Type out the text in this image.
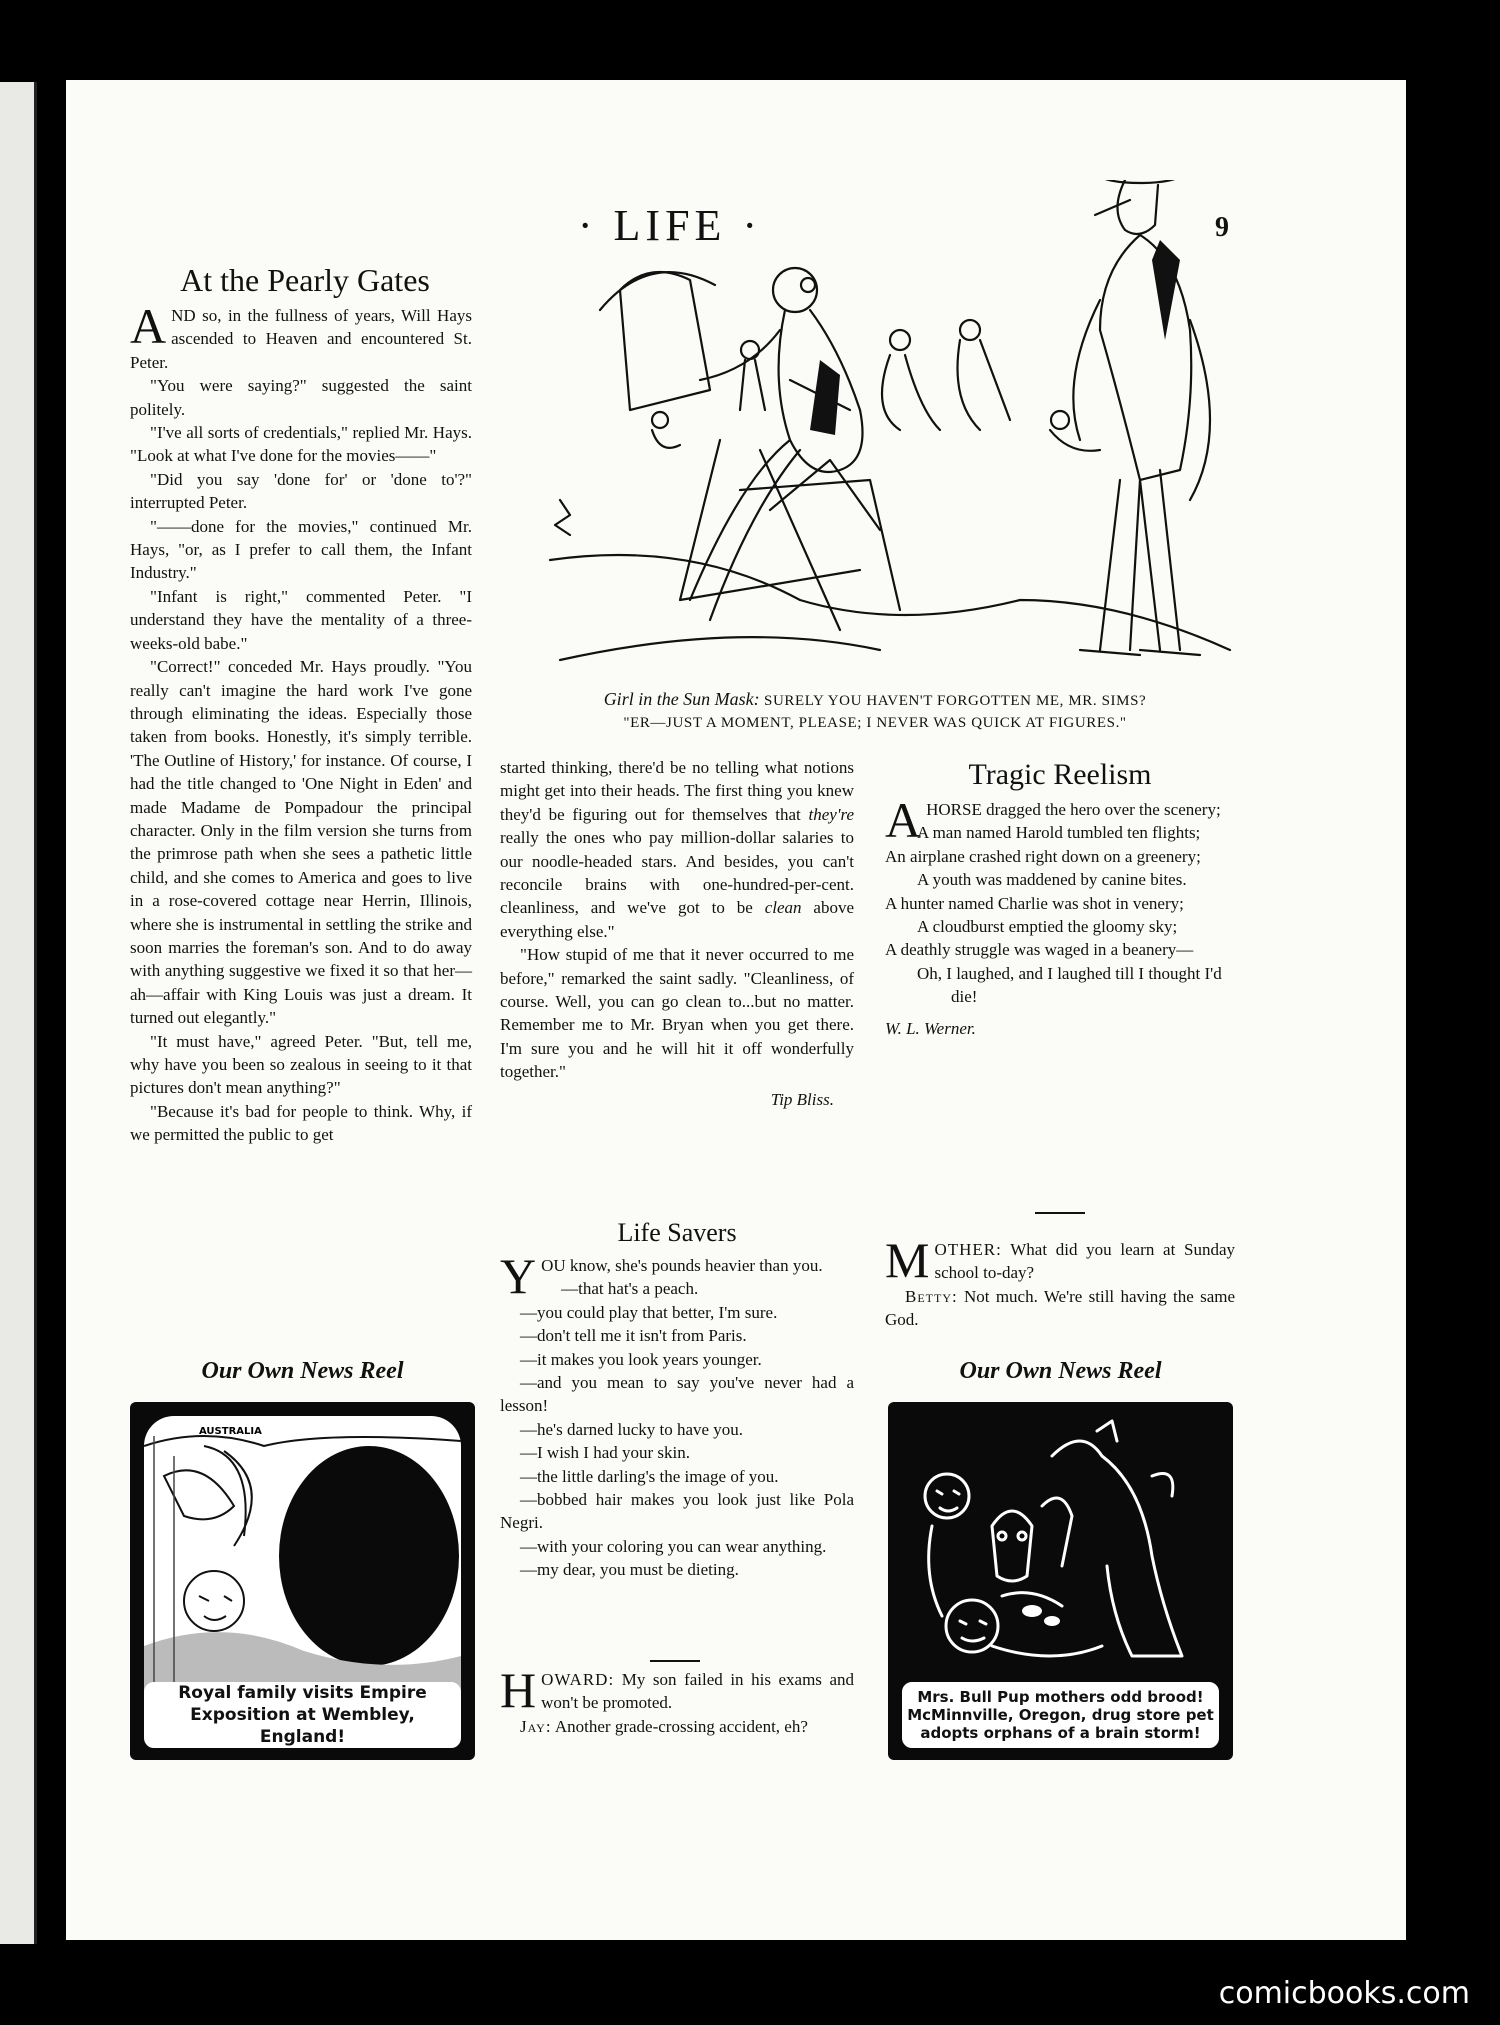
· LIFE ·	9
Girl in the Sun Mask: SURELY YOU HAVEN'T FORGOTTEN ME, MR. SIMS?
"ER—JUST A MOMENT, PLEASE; I NEVER WAS QUICK AT FIGURES."
At the Pearly Gates

AND so, in the fullness of years, Will Hays ascended to Heaven and encountered St. Peter.

"You were saying?" suggested the saint politely.

"I've all sorts of credentials," replied Mr. Hays. "Look at what I've done for the movies——"

"Did you say 'done for' or 'done to'?" interrupted Peter.

"——done for the movies," continued Mr. Hays, "or, as I prefer to call them, the Infant Industry."

"Infant is right," commented Peter. "I understand they have the mentality of a three-weeks-old babe."

"Correct!" conceded Mr. Hays proudly. "You really can't imagine the hard work I've gone through eliminating the ideas. Especially those taken from books. Honestly, it's simply terrible. 'The Outline of History,' for instance. Of course, I had the title changed to 'One Night in Eden' and made Madame de Pompadour the principal character. Only in the film version she turns from the primrose path when she sees a pathetic little child, and she comes to America and goes to live in a rose-covered cottage near Herrin, Illinois, where she is instrumental in settling the strike and soon marries the foreman's son. And to do away with anything suggestive we fixed it so that her—ah—affair with King Louis was just a dream. It turned out elegantly."

"It must have," agreed Peter. "But, tell me, why have you been so zealous in seeing to it that pictures don't mean anything?"

"Because it's bad for people to think. Why, if we permitted the public to get

started thinking, there'd be no telling what notions might get into their heads. The first thing you knew they'd be figuring out for themselves that they're really the ones who pay million-dollar salaries to our noodle-headed stars. And besides, you can't reconcile brains with one-hundred-per-cent. cleanliness, and we've got to be clean above everything else."

"How stupid of me that it never occurred to me before," remarked the saint sadly. "Cleanliness, of course. Well, you can go clean to...but no matter. Remember me to Mr. Bryan when you get there. I'm sure you and he will hit it off wonderfully together."

Tip Bliss.

Life Savers

YOU know, she's pounds heavier than you.

—that hat's a peach.

—you could play that better, I'm sure.

—don't tell me it isn't from Paris.

—it makes you look years younger.

—and you mean to say you've never had a lesson!

—he's darned lucky to have you.

—I wish I had your skin.

—the little darling's the image of you.

—bobbed hair makes you look just like Pola Negri.

—with your coloring you can wear anything.

—my dear, you must be dieting.

HOWARD: My son failed in his exams and won't be promoted.

Jay: Another grade-crossing accident, eh?

Tragic Reelism

A HORSE dragged the hero over the scenery;

A man named Harold tumbled ten flights;

An airplane crashed right down on a greenery;

A youth was maddened by canine bites.

A hunter named Charlie was shot in venery;

A cloudburst emptied the gloomy sky;

A deathly struggle was waged in a beanery—

Oh, I laughed, and I laughed till I thought I'd die!

W. L. Werner.

MOTHER: What did you learn at Sunday school to-day?

Betty: Not much. We're still having the same God.

Our Own News Reel
AUSTRALIA
Royal family visits Empire
Exposition at Wembley, England!
Our Own News Reel
Mrs. Bull Pup mothers odd brood!
McMinnville, Oregon, drug store pet
adopts orphans of a brain storm!
comicbooks.com
